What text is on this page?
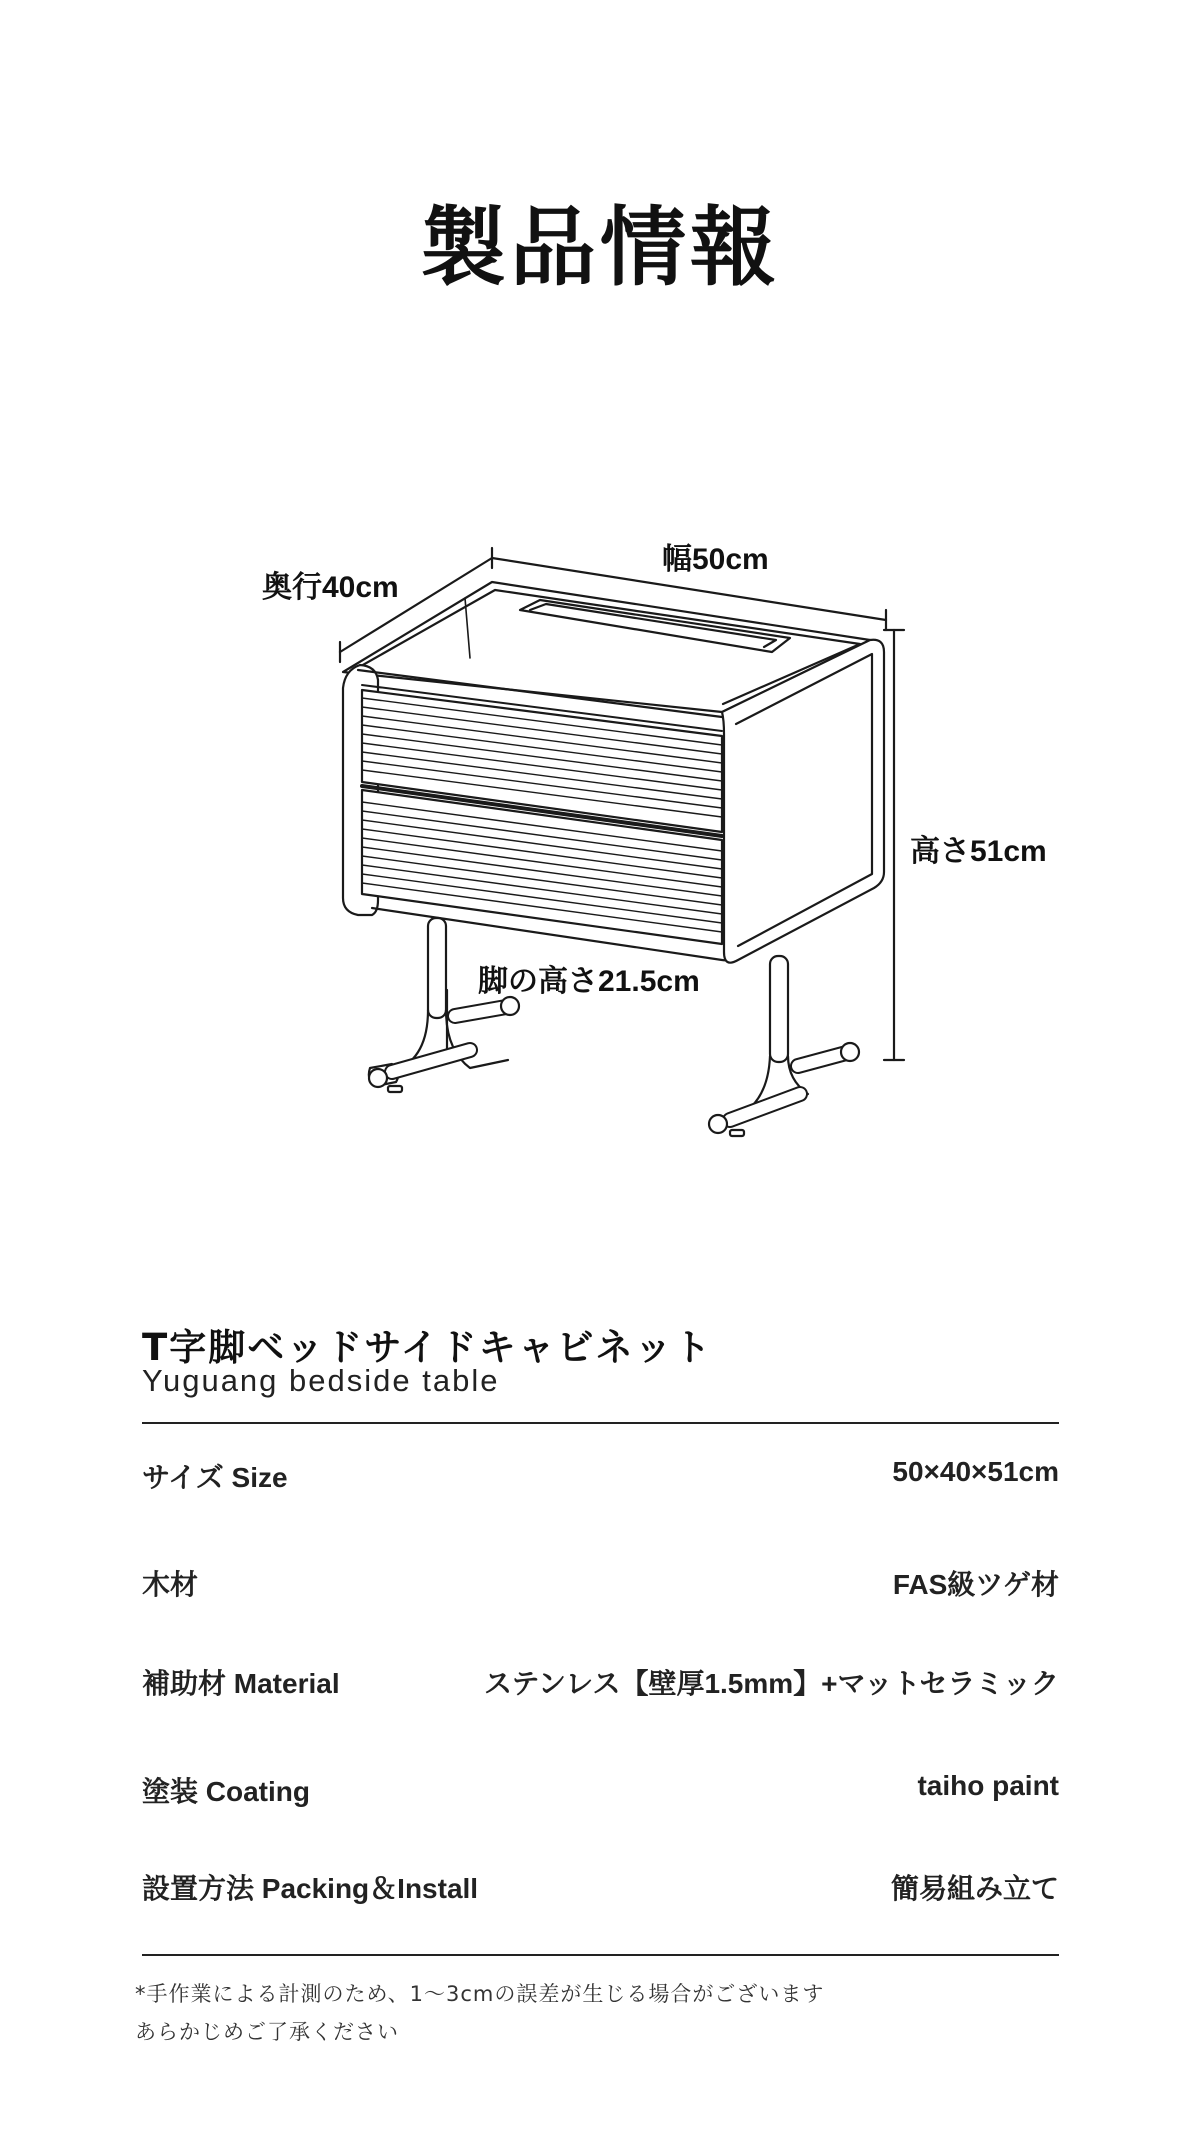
製品情報
奥行40cm
幅50cm
高さ51cm
脚の高さ21.5cm
T字脚ベッドサイドキャビネット
Yuguang bedside table
サイズ Size	50×40×51cm
木材	FAS級ツゲ材
補助材 Material	ステンレス【壁厚1.5mm】+マットセラミック
塗装 Coating	taiho paint
設置方法 Packing＆Install	簡易組み立て
*手作業による計測のため、1〜3cmの誤差が生じる場合がございます
あらかじめご了承ください
